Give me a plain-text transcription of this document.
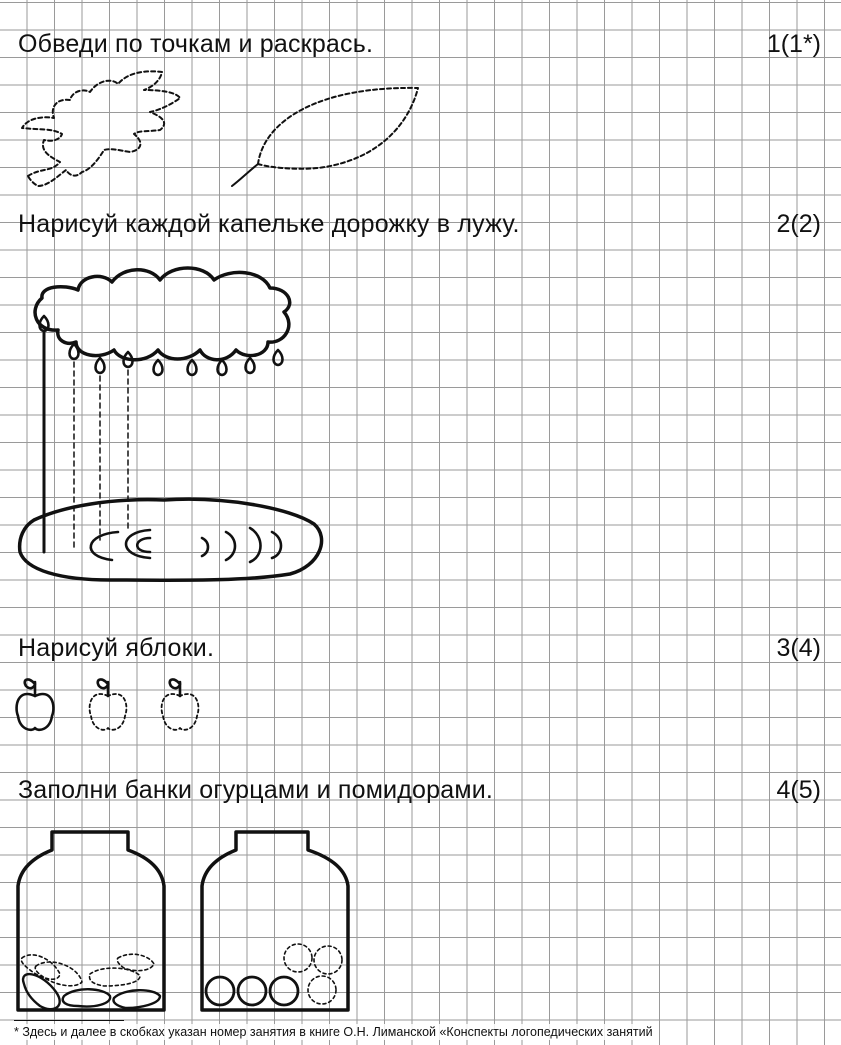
Обведи по точкам и раскрась.	1(1*)
Нарисуй каждой капельке дорожку в лужу.	2(2)
Нарисуй яблоки.	3(4)
Заполни банки огурцами и помидорами.	4(5)
* Здесь и далее в скобках указан номер занятия в книге О.Н. Лиманской «Конспекты логопедических занятий
